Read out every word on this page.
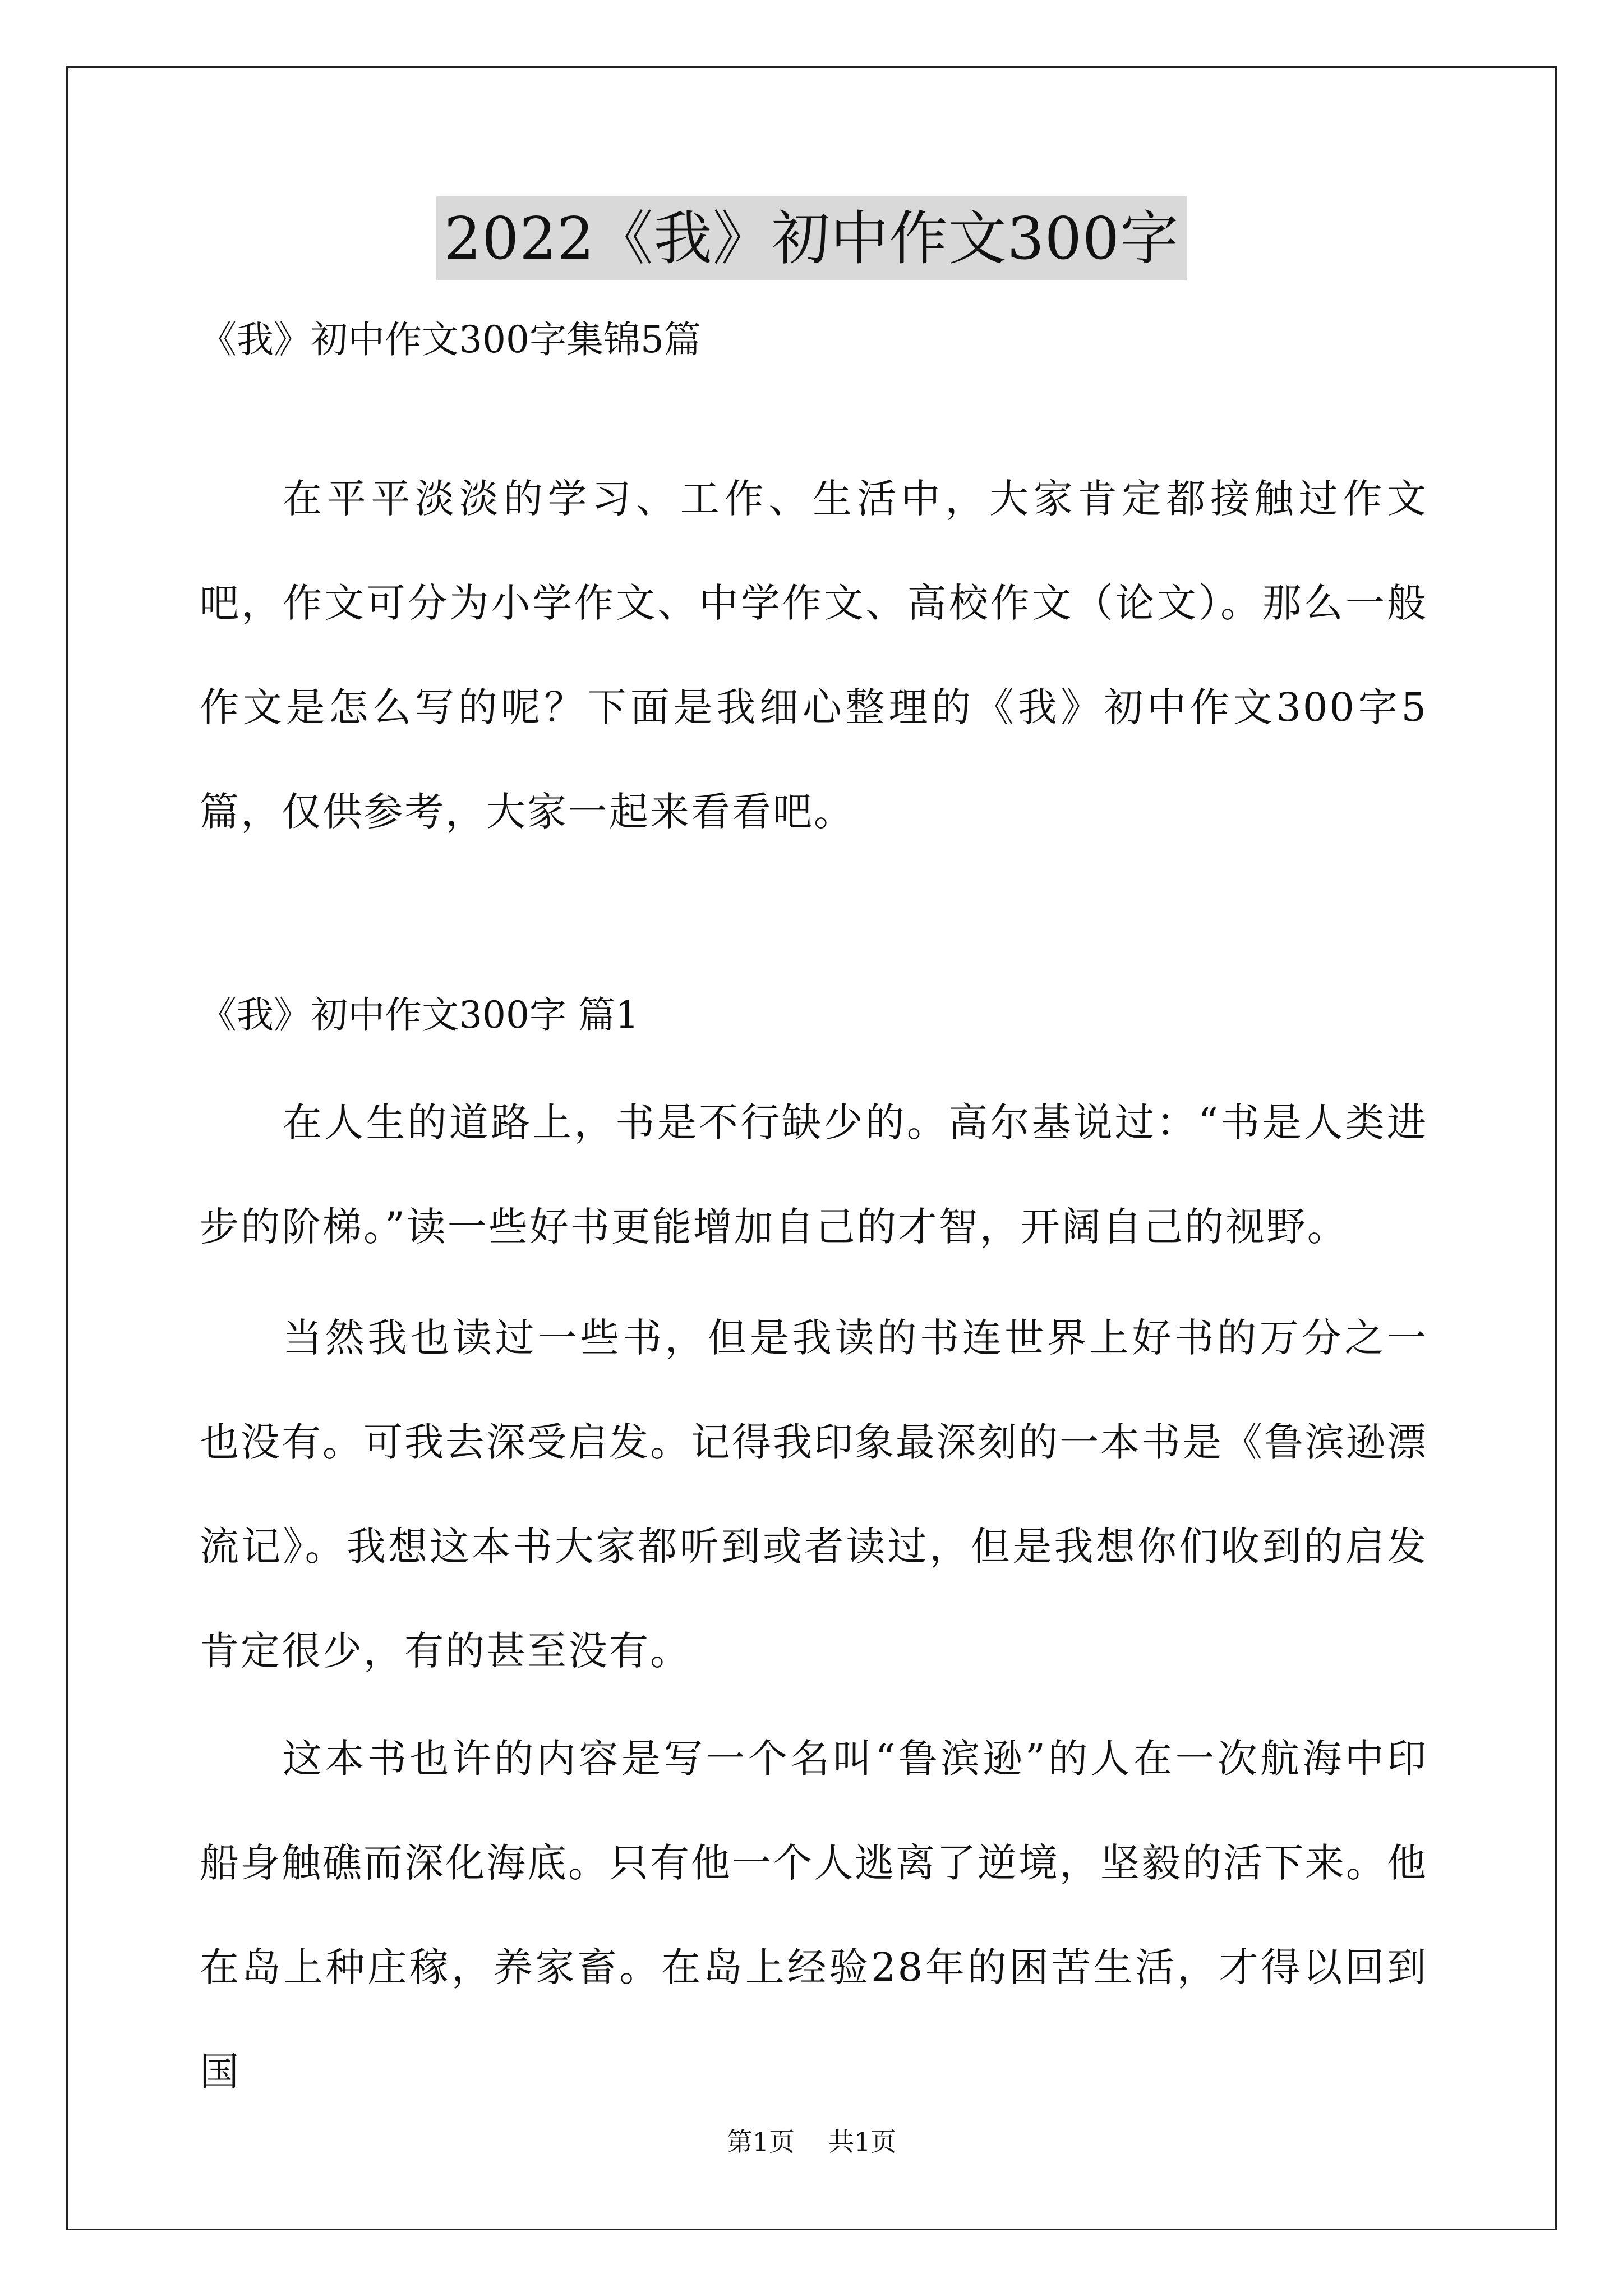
2022《我》初中作文300字
《我》初中作文300字集锦5篇

在平平淡淡的学习、工作、生活中，大家肯定都接触过作文吧，作文可分为小学作文、中学作文、高校作文（论文）。那么一般作文是怎么写的呢？下面是我细心整理的《我》初中作文300字5篇，仅供参考，大家一起来看看吧。

《我》初中作文300字 篇1

在人生的道路上，书是不行缺少的。高尔基说过：“书是人类进步的阶梯。”读一些好书更能增加自己的才智，开阔自己的视野。

当然我也读过一些书，但是我读的书连世界上好书的万分之一也没有。可我去深受启发。记得我印象最深刻的一本书是《鲁滨逊漂流记》。我想这本书大家都听到或者读过，但是我想你们收到的启发肯定很少，有的甚至没有。

这本书也许的内容是写一个名叫“鲁滨逊”的人在一次航海中印船身触礁而深化海底。只有他一个人逃离了逆境，坚毅的活下来。他在岛上种庄稼，养家畜。在岛上经验28年的困苦生活，才得以回到国

第1页 共1页
